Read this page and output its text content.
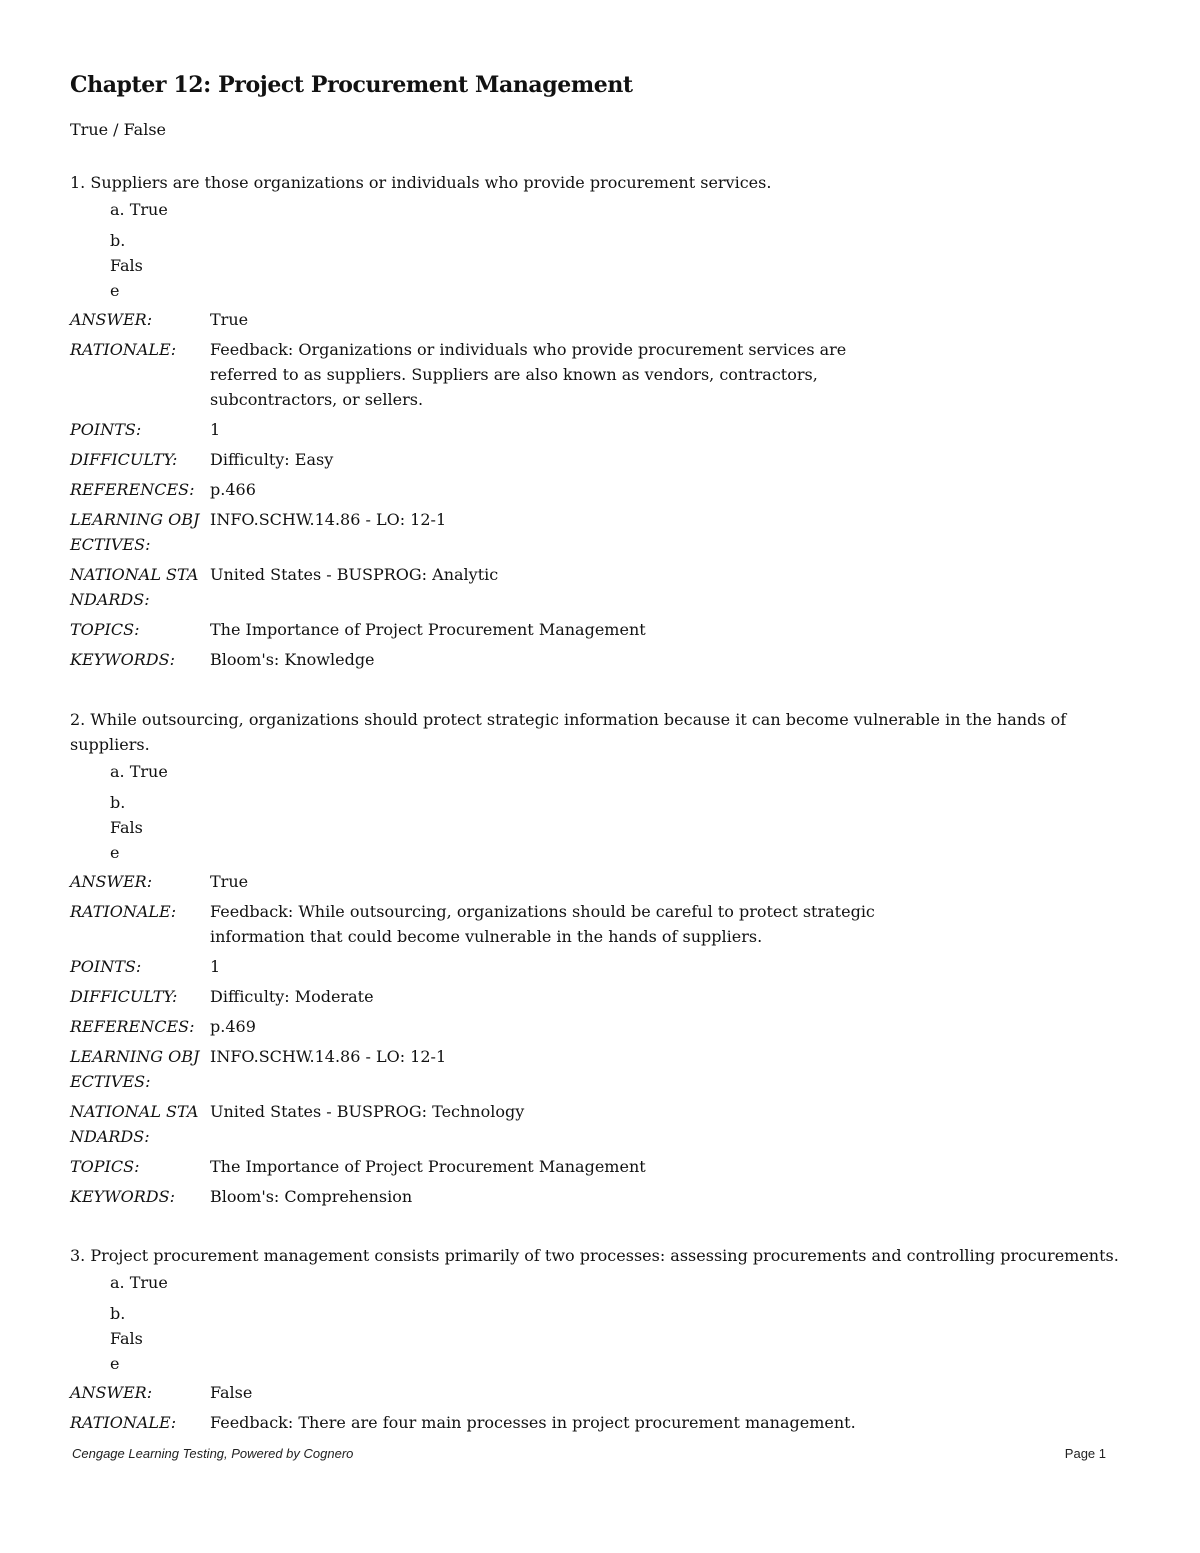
Chapter 12: Project Procurement Management
True / False

1. Suppliers are those organizations or individuals who provide procurement services.

a. True
b. Fals e
ANSWER:	True
RATIONALE:	Feedback: Organizations or individuals who provide procurement services are referred to as suppliers. Suppliers are also known as vendors, contractors, subcontractors, or sellers.
POINTS:	1
DIFFICULTY:	Difficulty: Easy
REFERENCES: p.466
LEARNING OBJECTIVES:
INFO.SCHW.14.86 - LO: 12-1
NATIONAL STANDARDS:
United States - BUSPROG: Analytic
TOPICS:	The Importance of Project Procurement Management
KEYWORDS:	Bloom's: Knowledge

2. While outsourcing, organizations should protect strategic information because it can become vulnerable in the hands of suppliers.

a. True
b. Fals e
ANSWER:	True
RATIONALE:	Feedback: While outsourcing, organizations should be careful to protect strategic information that could become vulnerable in the hands of suppliers.
POINTS:	1
DIFFICULTY:	Difficulty: Moderate
REFERENCES: p.469
LEARNING OBJECTIVES:
INFO.SCHW.14.86 - LO: 12-1
NATIONAL STANDARDS:
United States - BUSPROG: Technology
TOPICS:	The Importance of Project Procurement Management
KEYWORDS:	Bloom's: Comprehension

3. Project procurement management consists primarily of two processes: assessing procurements and controlling procurements.

a. True
b. Fals e
ANSWER:	False
RATIONALE:	Feedback: There are four main processes in project procurement management.
Cengage Learning Testing, Powered by Cognero	Page 1
